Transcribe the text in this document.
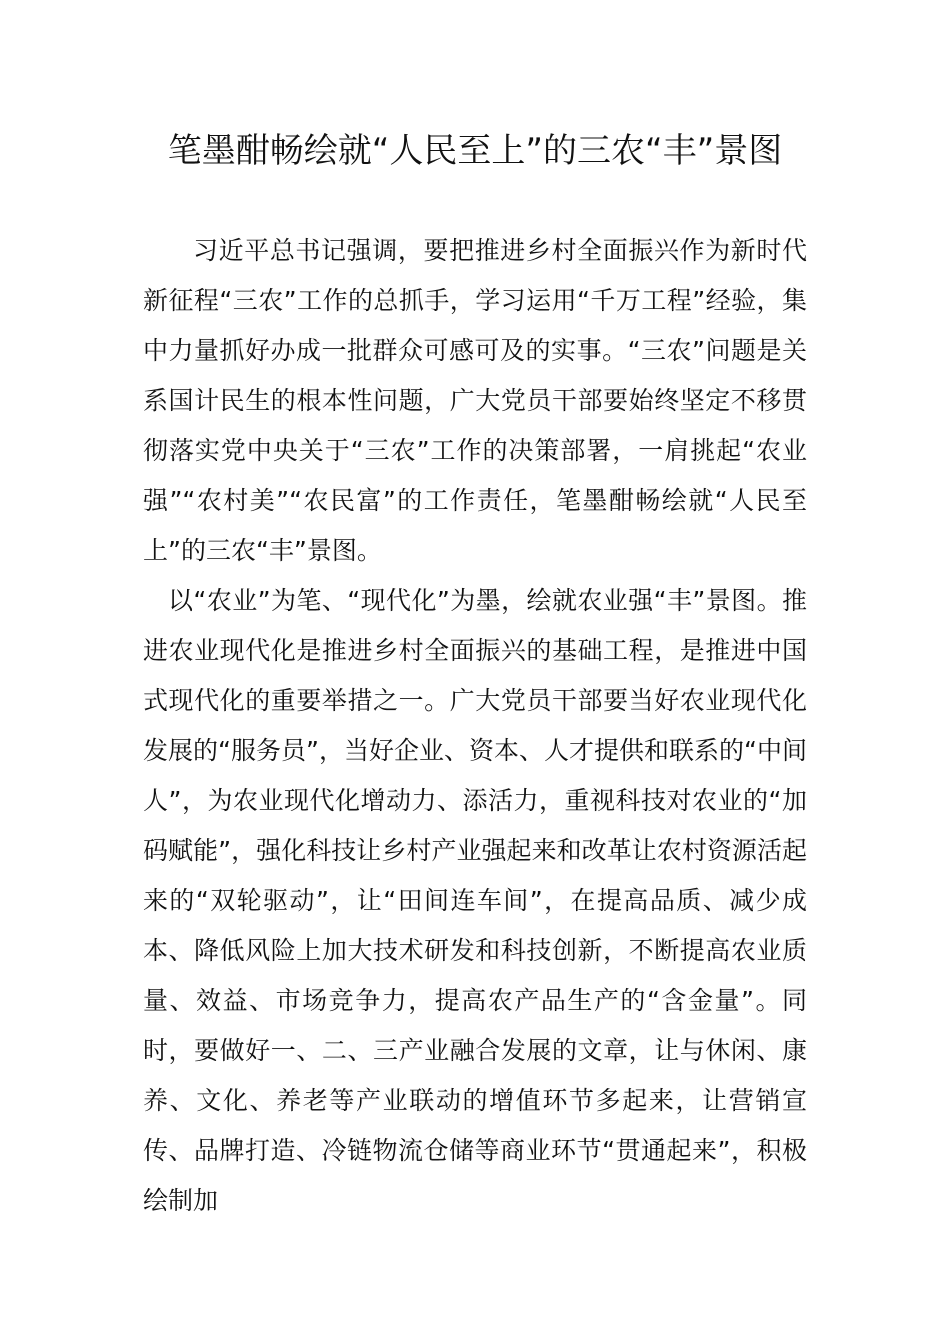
笔墨酣畅绘就“人民至上”的三农“丰”景图

习近平总书记强调，要把推进乡村全面振兴作为新时代新征程“三农”工作的总抓手，学习运用“千万工程”经验，集中力量抓好办成一批群众可感可及的实事。“三农”问题是关系国计民生的根本性问题，广大党员干部要始终坚定不移贯彻落实党中央关于“三农”工作的决策部署，一肩挑起“农业强”“农村美”“农民富”的工作责任，笔墨酣畅绘就“人民至上”的三农“丰”景图。

以“农业”为笔、“现代化”为墨，绘就农业强“丰”景图。推进农业现代化是推进乡村全面振兴的基础工程，是推进中国式现代化的重要举措之一。广大党员干部要当好农业现代化发展的“服务员”，当好企业、资本、人才提供和联系的“中间人”，为农业现代化增动力、添活力，重视科技对农业的“加码赋能”，强化科技让乡村产业强起来和改革让农村资源活起来的“双轮驱动”，让“田间连车间”，在提高品质、减少成本、降低风险上加大技术研发和科技创新，不断提高农业质量、效益、市场竞争力，提高农产品生产的“含金量”。同时，要做好一、二、三产业融合发展的文章，让与休闲、康养、文化、养老等产业联动的增值环节多起来，让营销宣传、品牌打造、冷链物流仓储等商业环节“贯通起来”，积极绘制加
